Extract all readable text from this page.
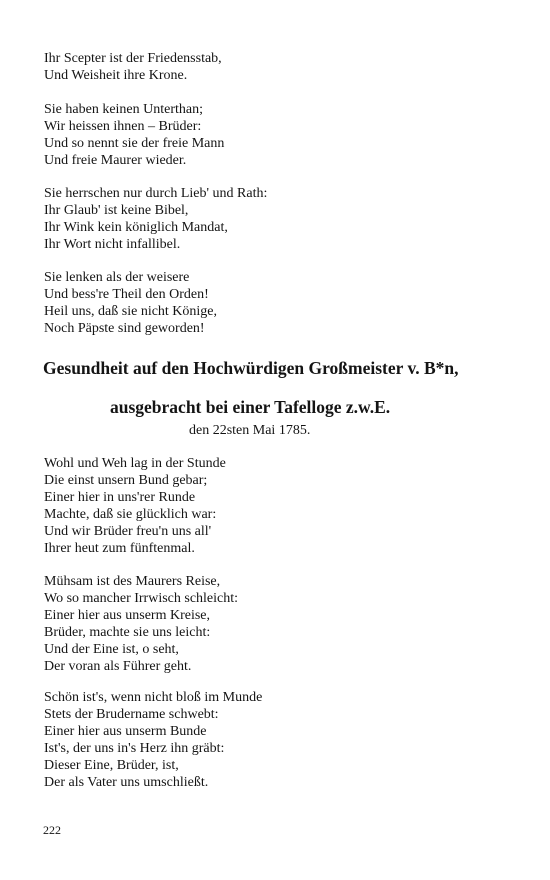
Ihr Scepter ist der Friedensstab,
Und Weisheit ihre Krone.
Sie haben keinen Unterthan;
Wir heissen ihnen – Brüder:
Und so nennt sie der freie Mann
Und freie Maurer wieder.
Sie herrschen nur durch Lieb' und Rath:
Ihr Glaub' ist keine Bibel,
Ihr Wink kein königlich Mandat,
Ihr Wort nicht infallibel.
Sie lenken als der weisere
Und bess're Theil den Orden!
Heil uns, daß sie nicht Könige,
Noch Päpste sind geworden!
Gesundheit auf den Hochwürdigen Großmeister v. B*n,
ausgebracht bei einer Tafelloge z.w.E.
den 22sten Mai 1785.
Wohl und Weh lag in der Stunde
Die einst unsern Bund gebar;
Einer hier in uns'rer Runde
Machte, daß sie glücklich war:
Und wir Brüder freu'n uns all'
Ihrer heut zum fünftenmal.
Mühsam ist des Maurers Reise,
Wo so mancher Irrwisch schleicht:
Einer hier aus unserm Kreise,
Brüder, machte sie uns leicht:
Und der Eine ist, o seht,
Der voran als Führer geht.
Schön ist's, wenn nicht bloß im Munde
Stets der Brudername schwebt:
Einer hier aus unserm Bunde
Ist's, der uns in's Herz ihn gräbt:
Dieser Eine, Brüder, ist,
Der als Vater uns umschließt.
222
